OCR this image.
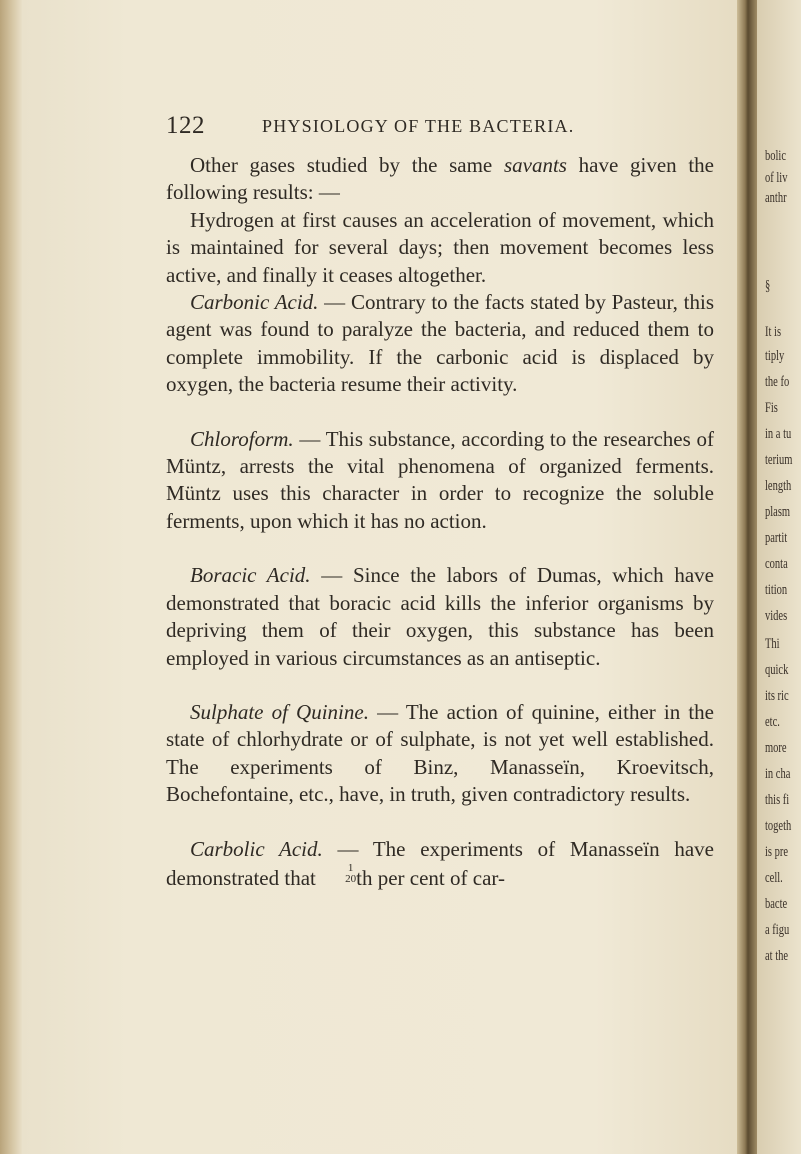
122	PHYSIOLOGY OF THE BACTERIA.

Other gases studied by the same savants have given the following results: —

Hydrogen at first causes an acceleration of movement, which is maintained for several days; then movement becomes less active, and finally it ceases altogether.

Carbonic Acid. — Contrary to the facts stated by Pasteur, this agent was found to paralyze the bacteria, and reduced them to complete immobility. If the carbonic acid is displaced by oxygen, the bacteria resume their activity.

Chloroform. — This substance, according to the researches of Müntz, arrests the vital phenomena of organized ferments. Müntz uses this character in order to recognize the soluble ferments, upon which it has no action.

Boracic Acid. — Since the labors of Dumas, which have demonstrated that boracic acid kills the inferior organisms by depriving them of their oxygen, this substance has been employed in various circumstances as an antiseptic.

Sulphate of Quinine. — The action of quinine, either in the state of chlorhydrate or of sulphate, is not yet well established. The experiments of Binz, Manasseïn, Kroevitsch, Bochefontaine, etc., have, in truth, given contradictory results.

Carbolic Acid. — The experiments of Manasseïn have demonstrated that	1
20 th per cent of car-

bolic
of liv
anthr
§
It is
tiply
the fo
Fis
in a tu
terium
length
plasm
partit
conta
tition
vides
Thi
quick
its ric
etc.
more
in cha
this fi
togeth
is pre
cell.
bacte
a figu
at the
